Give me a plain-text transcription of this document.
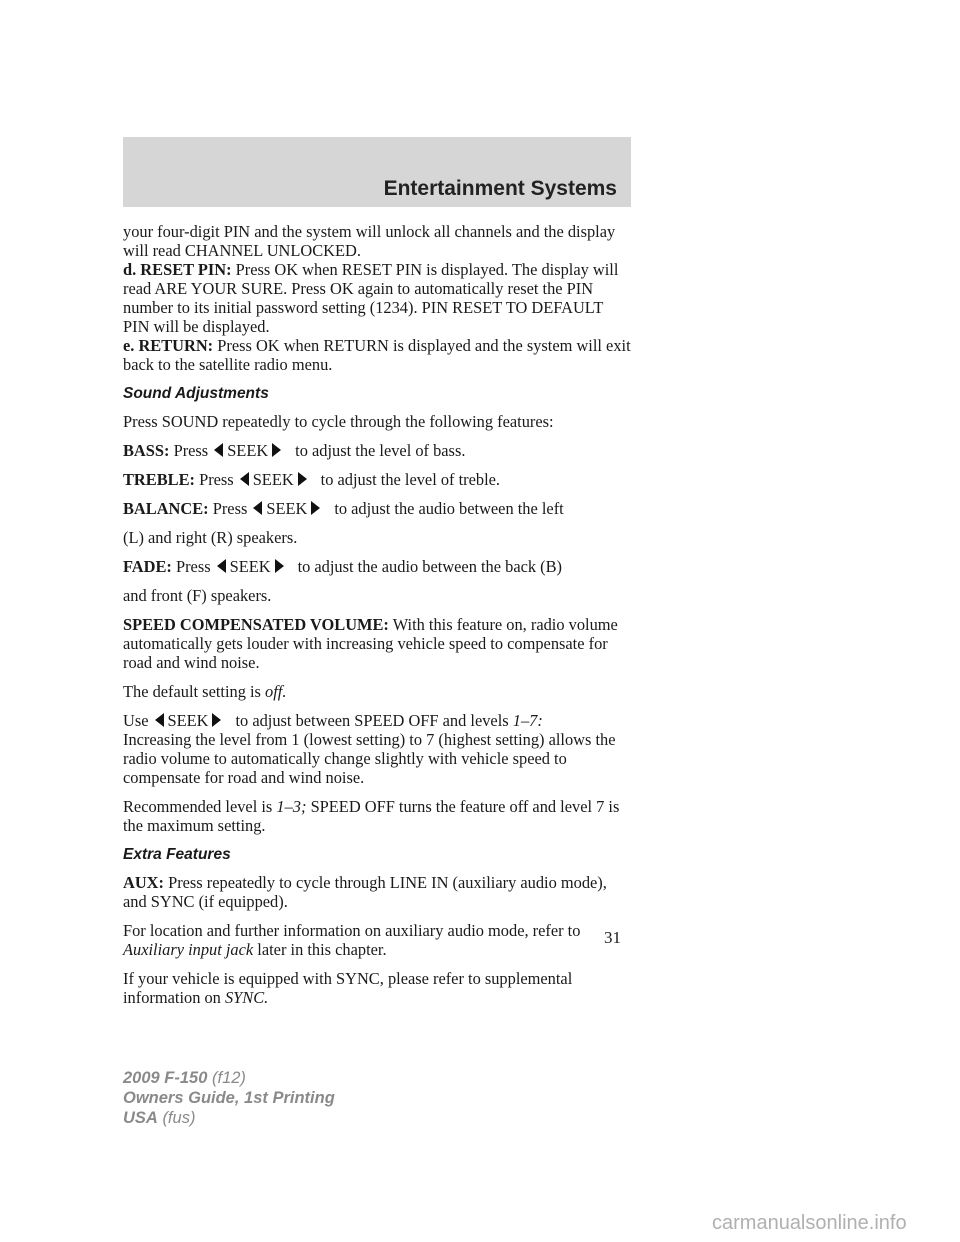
Entertainment Systems

your four-digit PIN and the system will unlock all channels and the display will read CHANNEL UNLOCKED.

d. RESET PIN: Press OK when RESET PIN is displayed. The display will read ARE YOUR SURE. Press OK again to automatically reset the PIN number to its initial password setting (1234). PIN RESET TO DEFAULT PIN will be displayed.

e. RETURN: Press OK when RETURN is displayed and the system will exit back to the satellite radio menu.

Sound Adjustments

Press SOUND repeatedly to cycle through the following features:

BASS: Press SEEK to adjust the level of bass.

TREBLE: Press SEEK to adjust the level of treble.

BALANCE: Press SEEK to adjust the audio between the left

(L) and right (R) speakers.

FADE: Press SEEK to adjust the audio between the back (B)

and front (F) speakers.

SPEED COMPENSATED VOLUME: With this feature on, radio volume automatically gets louder with increasing vehicle speed to compensate for road and wind noise.

The default setting is off.

Use SEEK to adjust between SPEED OFF and levels 1–7:

Increasing the level from 1 (lowest setting) to 7 (highest setting) allows the radio volume to automatically change slightly with vehicle speed to compensate for road and wind noise.

Recommended level is 1–3; SPEED OFF turns the feature off and level 7 is the maximum setting.

Extra Features

AUX: Press repeatedly to cycle through LINE IN (auxiliary audio mode), and SYNC (if equipped).

For location and further information on auxiliary audio mode, refer to Auxiliary input jack later in this chapter.

If your vehicle is equipped with SYNC, please refer to supplemental information on SYNC.

31
2009 F-150 (f12)
Owners Guide, 1st Printing
USA (fus)
carmanualsonline.info
